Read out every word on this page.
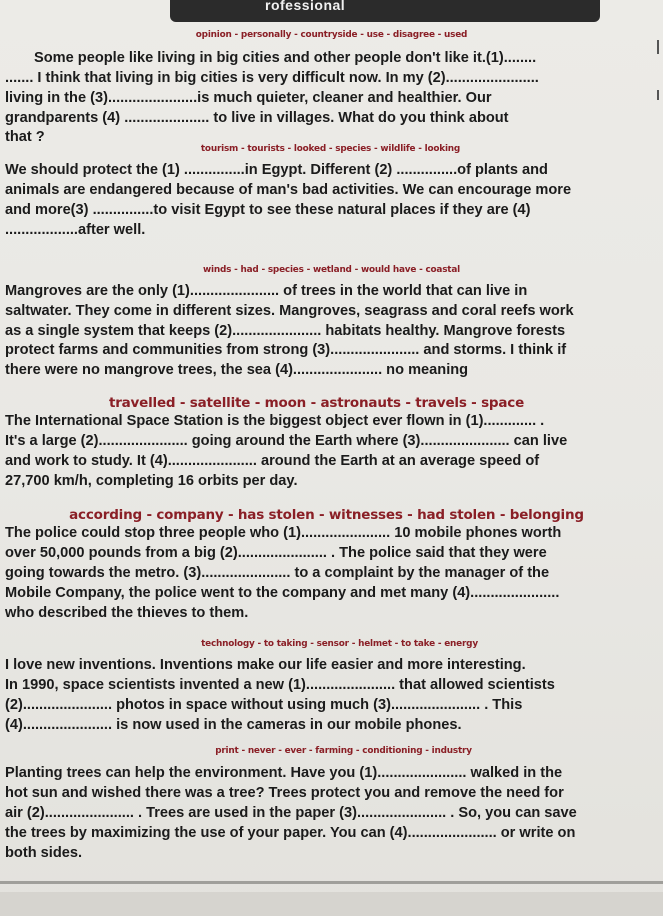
rofessional
opinion - personally - countryside - use - disagree - used
Some people like living in big cities and other people don't like it.(1)........
....... I think that living in big cities is very difficult now. In my (2).......................
living in the (3)......................is much quieter, cleaner and healthier. Our
grandparents (4) ..................... to live in villages. What do you think about
that ?
tourism - tourists - looked - species - wildlife - looking
We should protect the (1) ...............in Egypt. Different (2) ...............of plants and
animals are endangered because of man's bad activities. We can encourage more
and more(3) ...............to visit Egypt to see these natural places if they are (4)
..................after well.
winds - had - species - wetland - would have - coastal
Mangroves are the only (1)...................... of trees in the world that can live in
saltwater. They come in different sizes. Mangroves, seagrass and coral reefs work
as a single system that keeps (2)...................... habitats healthy. Mangrove forests
protect farms and communities from strong (3)...................... and storms. I think if
there were no mangrove trees, the sea (4)...................... no meaning
travelled - satellite - moon - astronauts - travels - space
The International Space Station is the biggest object ever flown in (1)............. .
It's a large (2)...................... going around the Earth where (3)...................... can live
and work to study. It (4)...................... around the Earth at an average speed of
27,700 km/h, completing 16 orbits per day.
according - company - has stolen - witnesses - had stolen - belonging
The police could stop three people who (1)...................... 10 mobile phones worth
over 50,000 pounds from a big (2)...................... . The police said that they were
going towards the metro. (3)...................... to a complaint by the manager of the
Mobile Company, the police went to the company and met many (4)......................
who described the thieves to them.
technology - to taking - sensor - helmet - to take - energy
I love new inventions. Inventions make our life easier and more interesting.
In 1990, space scientists invented a new (1)...................... that allowed scientists
(2)...................... photos in space without using much (3)...................... . This
(4)...................... is now used in the cameras in our mobile phones.
print - never - ever - farming - conditioning - industry
Planting trees can help the environment. Have you (1)...................... walked in the
hot sun and wished there was a tree? Trees protect you and remove the need for
air (2)...................... . Trees are used in the paper (3)...................... . So, you can save
the trees by maximizing the use of your paper. You can (4)...................... or write on
both sides.
